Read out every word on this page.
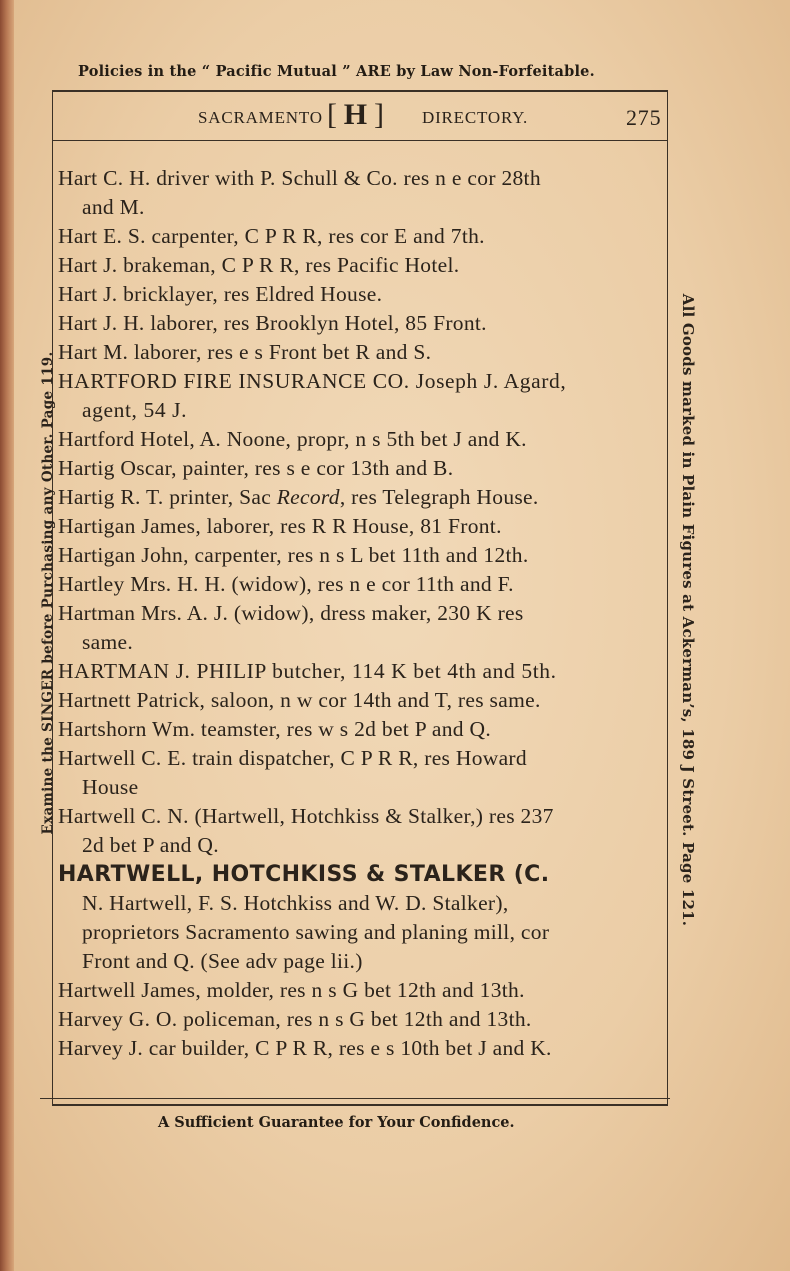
Policies in the “ Pacific Mutual ” ARE by Law Non-Forfeitable.
SACRAMENTO [ H ] DIRECTORY.	275
Examine the SINGER before Purchasing any Other. Page 119.	All Goods marked in Plain Figures at Ackerman’s, 189 J Street. Page 121.
Hart C. H. driver with P. Schull & Co. res n e cor 28th
and M.
Hart E. S. carpenter, C P R R, res cor E and 7th.
Hart J. brakeman, C P R R, res Pacific Hotel.
Hart J. bricklayer, res Eldred House.
Hart J. H. laborer, res Brooklyn Hotel, 85 Front.
Hart M. laborer, res e s Front bet R and S.
HARTFORD FIRE INSURANCE CO. Joseph J. Agard,
agent, 54 J.
Hartford Hotel, A. Noone, propr, n s 5th bet J and K.
Hartig Oscar, painter, res s e cor 13th and B.
Hartig R. T. printer, Sac Record, res Telegraph House.
Hartigan James, laborer, res R R House, 81 Front.
Hartigan John, carpenter, res n s L bet 11th and 12th.
Hartley Mrs. H. H. (widow), res n e cor 11th and F.
Hartman Mrs. A. J. (widow), dress maker, 230 K res
same.
HARTMAN J. PHILIP butcher, 114 K bet 4th and 5th.
Hartnett Patrick, saloon, n w cor 14th and T, res same.
Hartshorn Wm. teamster, res w s 2d bet P and Q.
Hartwell C. E. train dispatcher, C P R R, res Howard
House
Hartwell C. N. (Hartwell, Hotchkiss & Stalker,) res 237
2d bet P and Q.
HARTWELL, HOTCHKISS & STALKER (C.
N. Hartwell, F. S. Hotchkiss and W. D. Stalker),
proprietors Sacramento sawing and planing mill, cor
Front and Q. (See adv page lii.)
Hartwell James, molder, res n s G bet 12th and 13th.
Harvey G. O. policeman, res n s G bet 12th and 13th.
Harvey J. car builder, C P R R, res e s 10th bet J and K.
A Sufficient Guarantee for Your Confidence.
